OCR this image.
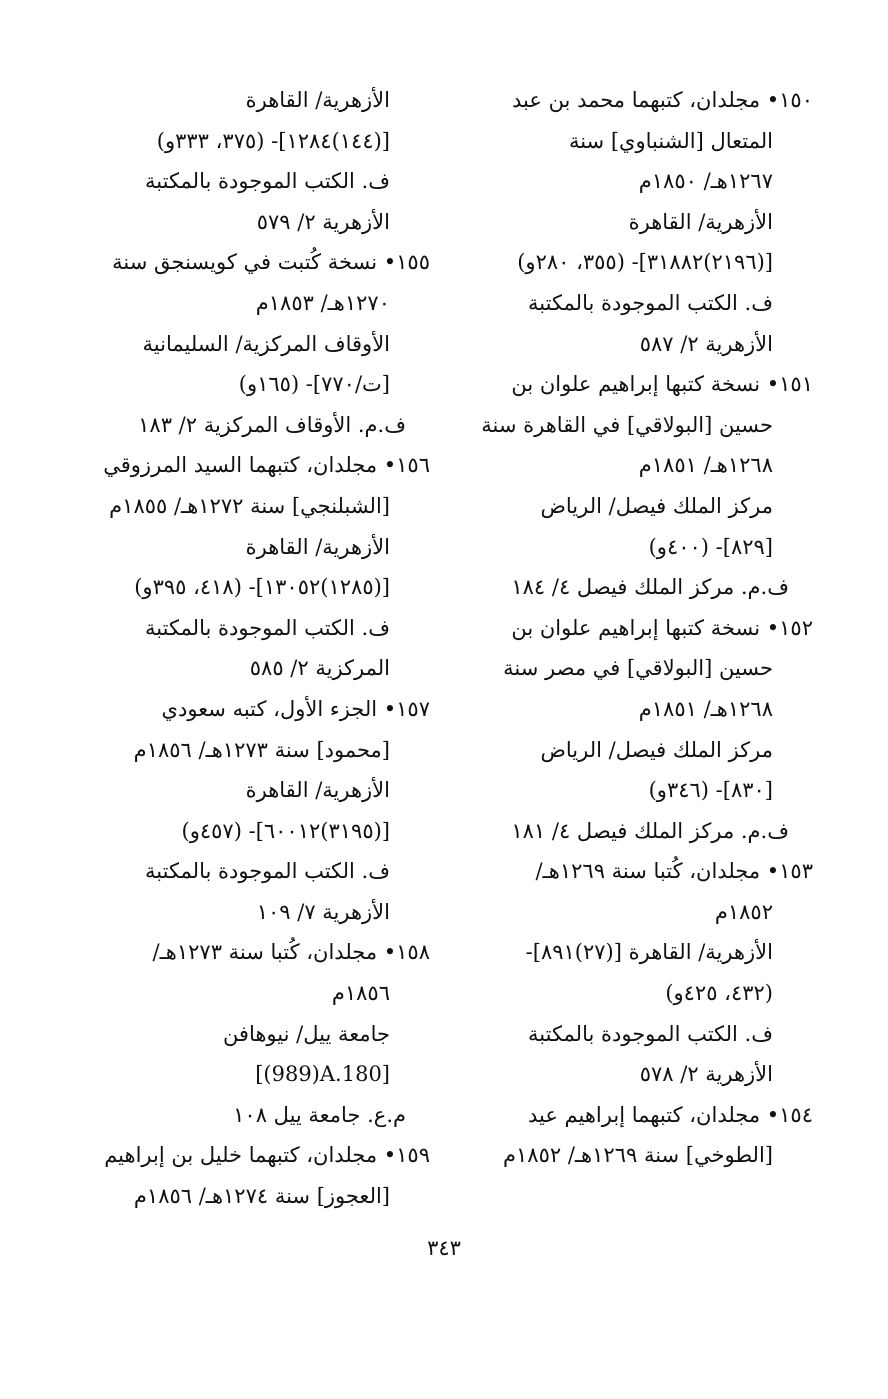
١٥٠• مجلدان، كتبهما محمد بن عبد
المتعال [الشنباوي] سنة
١٢٦٧هـ/ ١٨٥٠م
الأزهرية/ القاهرة
[(٢١٩٦)٣١٨٨٢]- (٣٥٥، ٢٨٠و)
ف. الكتب الموجودة بالمكتبة
الأزهرية ٢/ ٥٨٧
١٥١• نسخة كتبها إبراهيم علوان بن
حسين [البولاقي] في القاهرة سنة
١٢٦٨هـ/ ١٨٥١م
مركز الملك فيصل/ الرياض
[٨٢٩]- (٤٠٠و)
ف.م. مركز الملك فيصل ٤/ ١٨٤
١٥٢• نسخة كتبها إبراهيم علوان بن
حسين [البولاقي] في مصر سنة
١٢٦٨هـ/ ١٨٥١م
مركز الملك فيصل/ الرياض
[٨٣٠]- (٣٤٦و)
ف.م. مركز الملك فيصل ٤/ ١٨١
١٥٣• مجلدان، كُتبا سنة ١٢٦٩هـ/
١٨٥٢م
الأزهرية/ القاهرة [(٢٧)٨٩١]-
(٤٣٢، ٤٢٥و)
ف. الكتب الموجودة بالمكتبة
الأزهرية ٢/ ٥٧٨
١٥٤• مجلدان، كتبهما إبراهيم عيد
[الطوخي] سنة ١٢٦٩هـ/ ١٨٥٢م
الأزهرية/ القاهرة
[(١٤٤)١٢٨٤]- (٣٧٥، ٣٣٣و)
ف. الكتب الموجودة بالمكتبة
الأزهرية ٢/ ٥٧٩
١٥٥• نسخة كُتبت في كويسنجق سنة
١٢٧٠هـ/ ١٨٥٣م
الأوقاف المركزية/ السليمانية
[ت/٧٧٠]- (١٦٥و)
ف.م. الأوقاف المركزية ٢/ ١٨٣
١٥٦• مجلدان، كتبهما السيد المرزوقي
[الشبلنجي] سنة ١٢٧٢هـ/ ١٨٥٥م
الأزهرية/ القاهرة
[(١٢٨٥)١٣٠٥٢]- (٤١٨، ٣٩٥و)
ف. الكتب الموجودة بالمكتبة
المركزية ٢/ ٥٨٥
١٥٧• الجزء الأول، كتبه سعودي
[محمود] سنة ١٢٧٣هـ/ ١٨٥٦م
الأزهرية/ القاهرة
[(٣١٩٥)٦٠٠١٢]- (٤٥٧و)
ف. الكتب الموجودة بالمكتبة
الأزهرية ٧/ ١٠٩
١٥٨• مجلدان، كُتبا سنة ١٢٧٣هـ/
١٨٥٦م
جامعة ييل/ نيوهافن
[(989)A.180]
م.ع. جامعة ييل ١٠٨
١٥٩• مجلدان، كتبهما خليل بن إبراهيم
[العجوز] سنة ١٢٧٤هـ/ ١٨٥٦م
٣٤٣
